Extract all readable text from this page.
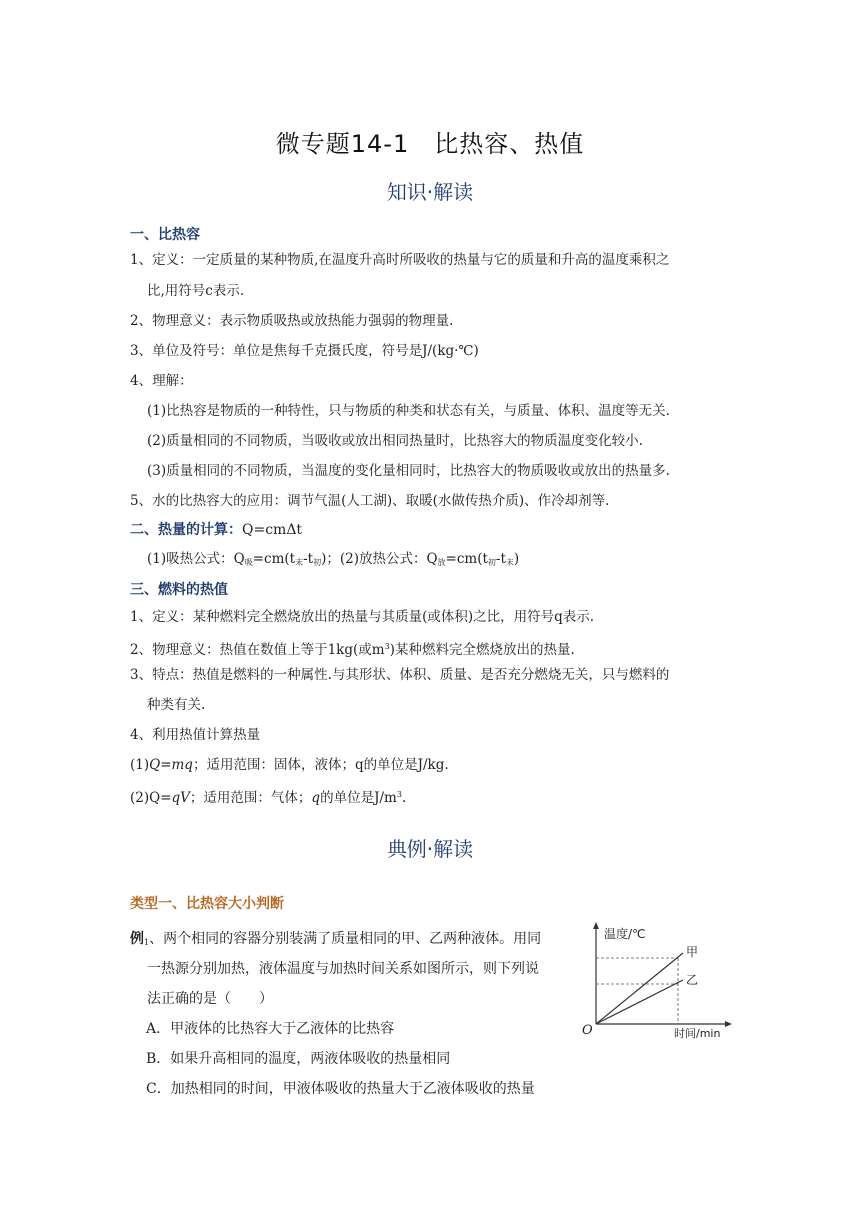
微专题14-1　比热容、热值
知识·解读
一、比热容
1、定义：一定质量的某种物质,在温度升高时所吸收的热量与它的质量和升高的温度乘积之
比,用符号c表示.
2、物理意义：表示物质吸热或放热能力强弱的物理量.
3、单位及符号：单位是焦每千克摄氏度，符号是J/(kg·℃)
4、理解：
(1)比热容是物质的一种特性，只与物质的种类和状态有关，与质量、体积、温度等无关.
(2)质量相同的不同物质，当吸收或放出相同热量时，比热容大的物质温度变化较小.
(3)质量相同的不同物质，当温度的变化量相同时，比热容大的物质吸收或放出的热量多.
5、水的比热容大的应用：调节气温(人工湖)、取暖(水做传热介质)、作冷却剂等.
二、热量的计算：Q=cmΔt
(1)吸热公式：$Q_吸=cm(t_末-t_初)$；(2)放热公式：$Q_放=cm(t_初-t_末)$
三、燃料的热值
1、定义：某种燃料完全燃烧放出的热量与其质量(或体积)之比，用符号q表示.
2、物理意义：热值在数值上等于1kg(或$m^3$)某种燃料完全燃烧放出的热量.
3、特点：热值是燃料的一种属性.与其形状、体积、质量、是否充分燃烧无关，只与燃料的
种类有关.
4、利用热值计算热量
(1)Q=mq；适用范围：固体，液体；q的单位是J/kg.
(2)Q=qV；适用范围：气体；q的单位是$J/m^3$.
典例·解读
类型一、比热容大小判断
例$_1$、两个相同的容器分别装满了质量相同的甲、乙两种液体。用同
一热源分别加热，液体温度与加热时间关系如图所示，则下列说
法正确的是（　　）
A．甲液体的比热容大于乙液体的比热容
B．如果升高相同的温度，两液体吸收的热量相同
C．加热相同的时间，甲液体吸收的热量大于乙液体吸收的热量
温度/℃
时间/min
O
甲
乙
